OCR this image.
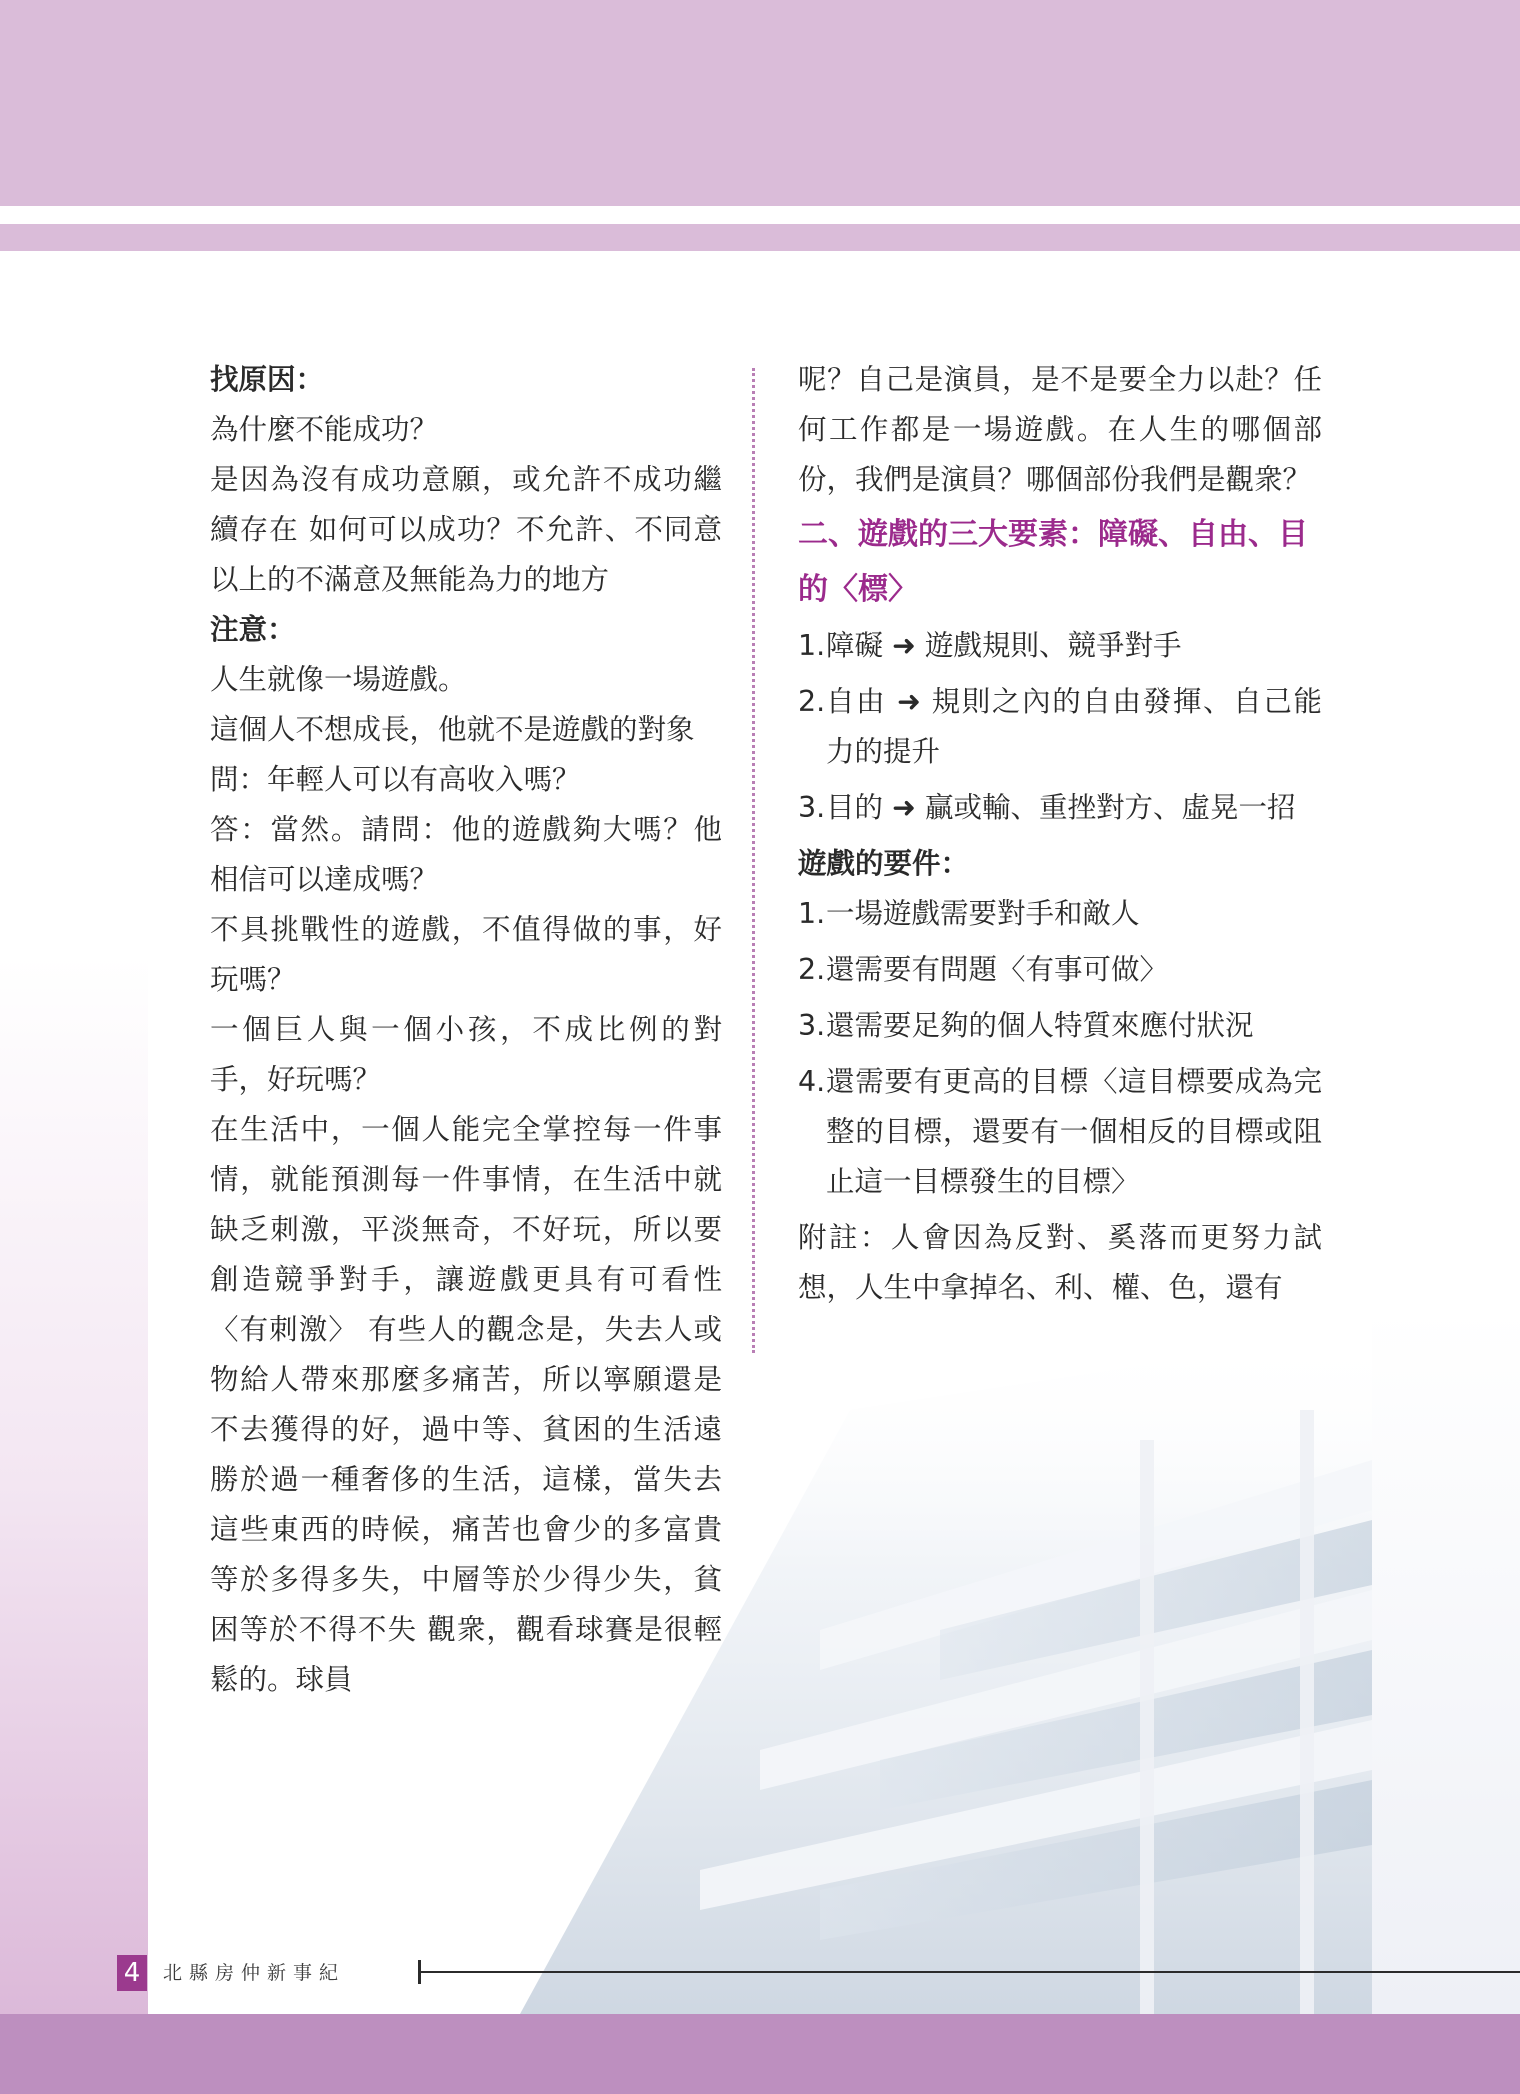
找原因：

為什麼不能成功？

是因為沒有成功意願，或允許不成功繼續存在 如何可以成功？不允許、不同意以上的不滿意及無能為力的地方

注意：

人生就像一場遊戲。

這個人不想成長，他就不是遊戲的對象

問：年輕人可以有高收入嗎？

答：當然。請問：他的遊戲夠大嗎？他相信可以達成嗎？

不具挑戰性的遊戲，不值得做的事，好玩嗎？

一個巨人與一個小孩，不成比例的對手，好玩嗎？

在生活中，一個人能完全掌控每一件事情，就能預測每一件事情，在生活中就缺乏刺激，平淡無奇，不好玩，所以要創造競爭對手，讓遊戲更具有可看性〈有刺激〉 有些人的觀念是，失去人或物給人帶來那麼多痛苦，所以寧願還是不去獲得的好，過中等、貧困的生活遠勝於過一種奢侈的生活，這樣，當失去這些東西的時候，痛苦也會少的多富貴等於多得多失，中層等於少得少失，貧困等於不得不失 觀衆，觀看球賽是很輕鬆的。球員

呢？自己是演員，是不是要全力以赴？任何工作都是一場遊戲。在人生的哪個部份，我們是演員？哪個部份我們是觀衆？

二、遊戲的三大要素：障礙、自由、目的〈標〉
1. 障礙 ➜ 遊戲規則、競爭對手
2. 自由 ➜ 規則之內的自由發揮、自己能力的提升
3. 目的 ➜ 贏或輸、重挫對方、虛晃一招

遊戲的要件：

1. 一場遊戲需要對手和敵人
2. 還需要有問題〈有事可做〉
3. 還需要足夠的個人特質來應付狀況
4. 還需要有更高的目標〈這目標要成為完整的目標，還要有一個相反的目標或阻止這一目標發生的目標〉

附註：人會因為反對、奚落而更努力試想，人生中拿掉名、利、權、色，還有

4	北縣房仲新事紀
